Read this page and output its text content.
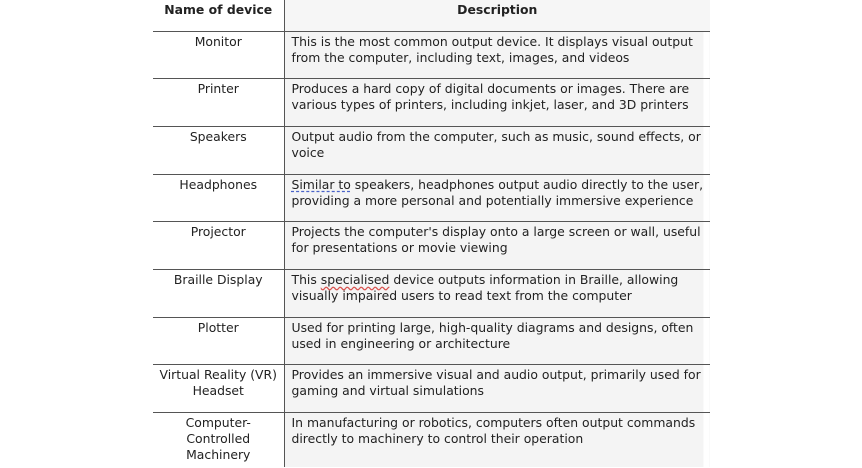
Name of device	Description
Monitor	This is the most common output device. It displays visual output from the computer, including text, images, and videos
Printer	Produces a hard copy of digital documents or images. There are various types of printers, including inkjet, laser, and 3D printers
Speakers	Output audio from the computer, such as music, sound effects, or voice
Headphones	Similar to speakers, headphones output audio directly to the user, providing a more personal and potentially immersive experience
Projector	Projects the computer's display onto a large screen or wall, useful for presentations or movie viewing
Braille Display	This specialised device outputs information in Braille, allowing visually impaired users to read text from the computer
Plotter	Used for printing large, high-quality diagrams and designs, often used in engineering or architecture
Virtual Reality (VR) Headset	Provides an immersive visual and audio output, primarily used for gaming and virtual simulations
Computer-Controlled Machinery	In manufacturing or robotics, computers often output commands directly to machinery to control their operation
